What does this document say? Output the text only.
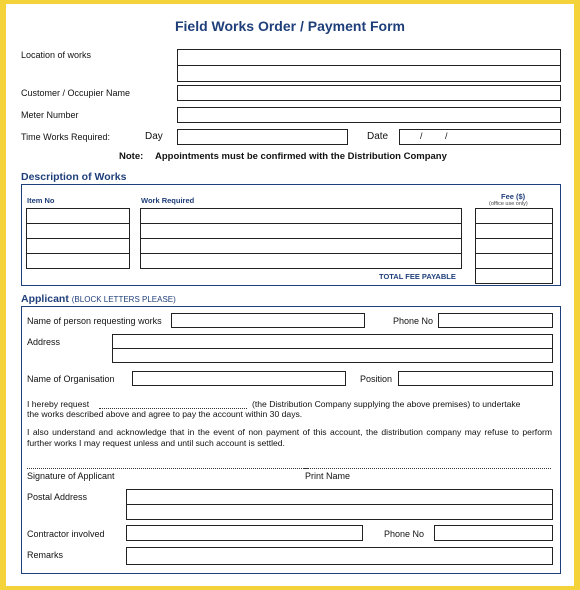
Field Works Order / Payment Form
Location of works
Customer / Occupier Name
Meter Number
Time Works Required:	Day	Date	/ /
Note: Appointments must be confirmed with the Distribution Company
Description of Works
Item No	Work Required	Fee ($)
(office use only)
TOTAL FEE PAYABLE
Applicant (BLOCK LETTERS PLEASE)
Name of person requesting works	Phone No
Address
Name of Organisation	Position
I hereby request	(the Distribution Company supplying the above premises) to undertake
the works described above and agree to pay the account within 30 days.
I also understand and acknowledge that in the event of non payment of this account, the distribution company may refuse to perform further works I may request unless and until such account is settled.
Signature of Applicant	Print Name
Postal Address
Contractor involved	Phone No
Remarks
